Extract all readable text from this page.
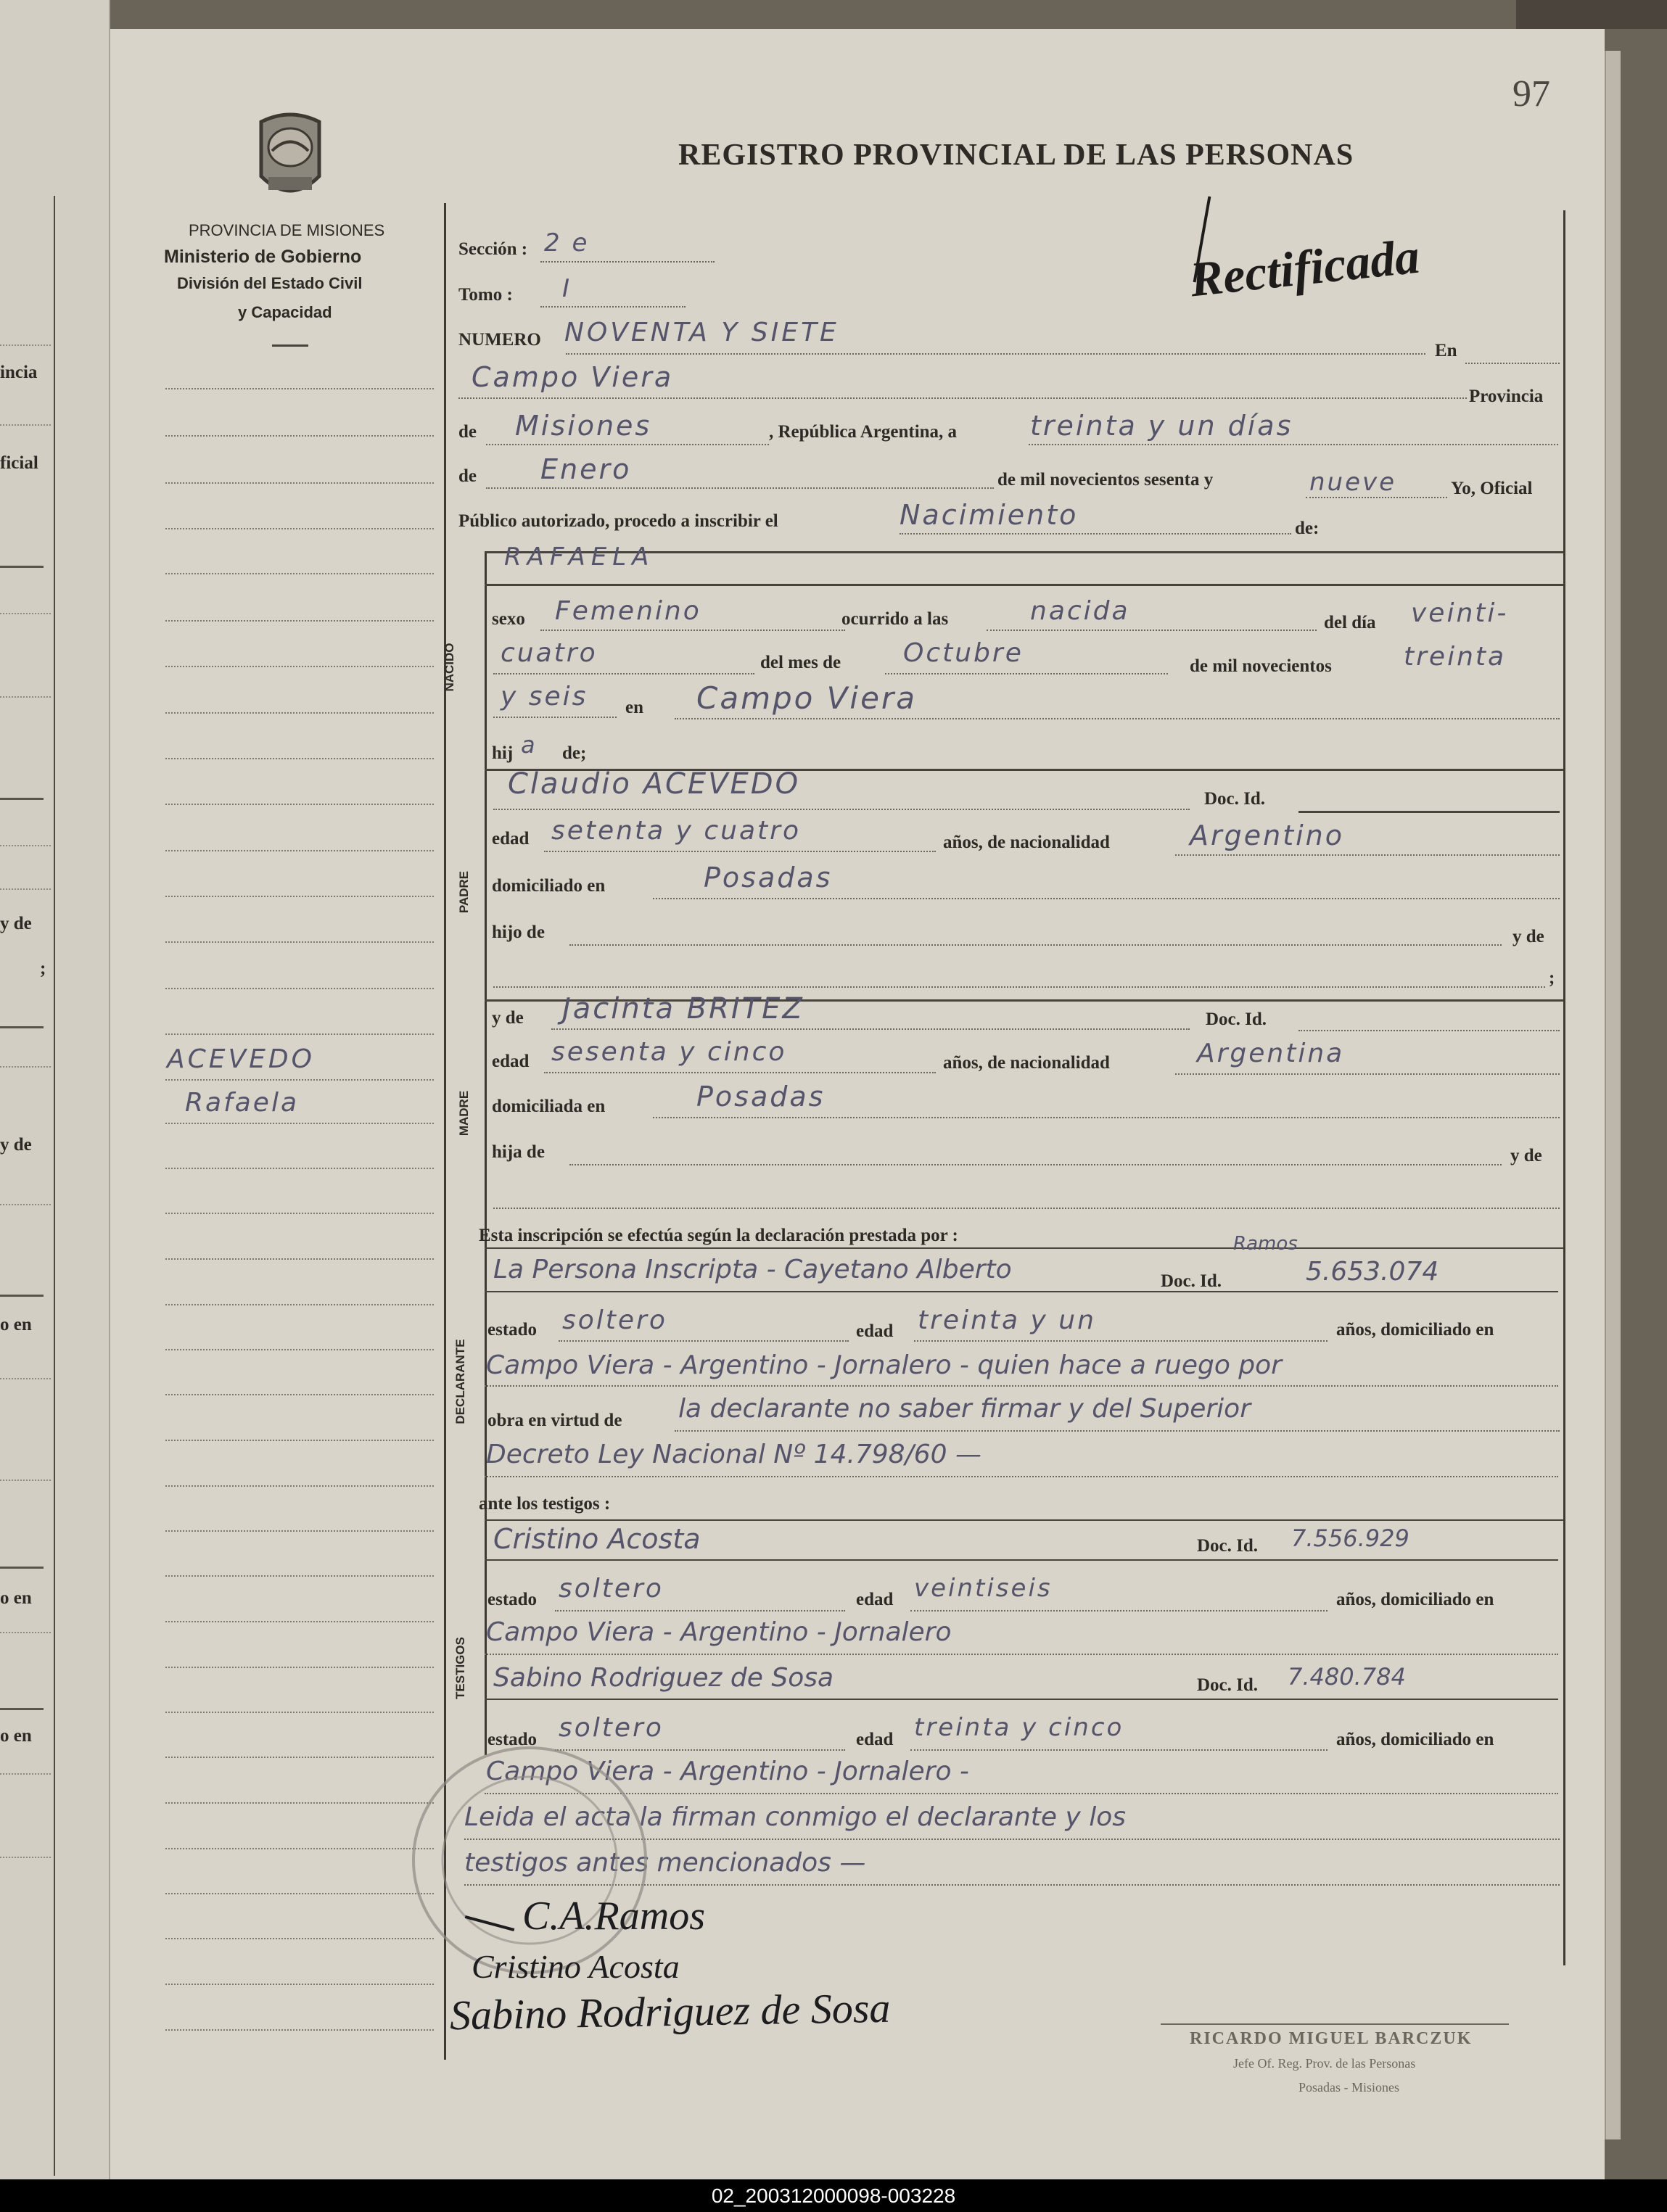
incia
ficial
y de
;
y de
o en
o en
o en
97
PROVINCIA DE MISIONES
Ministerio de Gobierno
División del Estado Civil
y Capacidad
REGISTRO PROVINCIAL DE LAS PERSONAS
Rectificada
ACEVEDO
Rafaela
Sección : 2 e
Tomo : I
NUMERO NOVENTA Y SIETE
En
Campo Viera
Provincia
de Misiones	, República Argentina, a	treinta y un días
de Enero	de mil novecientos sesenta y	nueve	Yo, Oficial
Público autorizado, procedo a inscribir el	Nacimiento	de:
NACIDO
RAFAELA
sexo Femenino	ocurrido a las	nacida	del día veinti-
cuatro	del mes de Octubre	de mil novecientos	treinta
y seis en Campo Viera
hij a de;
PADRE
Claudio ACEVEDO	Doc. Id.
edad setenta y cuatro	años, de nacionalidad	Argentino
domiciliado en	Posadas
hijo de	y de
;
MADRE
y de Jacinta BRITEZ	Doc. Id.
edad sesenta y cinco	años, de nacionalidad	Argentina
domiciliada en	Posadas
hija de	y de
Esta inscripción se efectúa según la declaración prestada por :
DECLARANTE
La Persona Inscripta - Cayetano Alberto
Ramos
Doc. Id.	5.653.074
estado soltero	edad treinta y un	años, domiciliado en
Campo Viera - Argentino - Jornalero - quien hace a ruego por
obra en virtud de la declarante no saber firmar y del Superior
Decreto Ley Nacional Nº 14.798/60 —
ante los testigos :
TESTIGOS
Cristino Acosta	Doc. Id. 7.556.929
estado soltero	edad veintiseis	años, domiciliado en
Campo Viera - Argentino - Jornalero
Sabino Rodriguez de Sosa	Doc. Id. 7.480.784
estado soltero	edad treinta y cinco	años, domiciliado en
Campo Viera - Argentino - Jornalero -
Leida el acta la firman conmigo el declarante y los
testigos antes mencionados —
C.A.Ramos
Cristino Acosta
Sabino Rodriguez de Sosa	RICARDO MIGUEL BARCZUK
Jefe Of. Reg. Prov. de las Personas
Posadas - Misiones
02_200312000098-003228
